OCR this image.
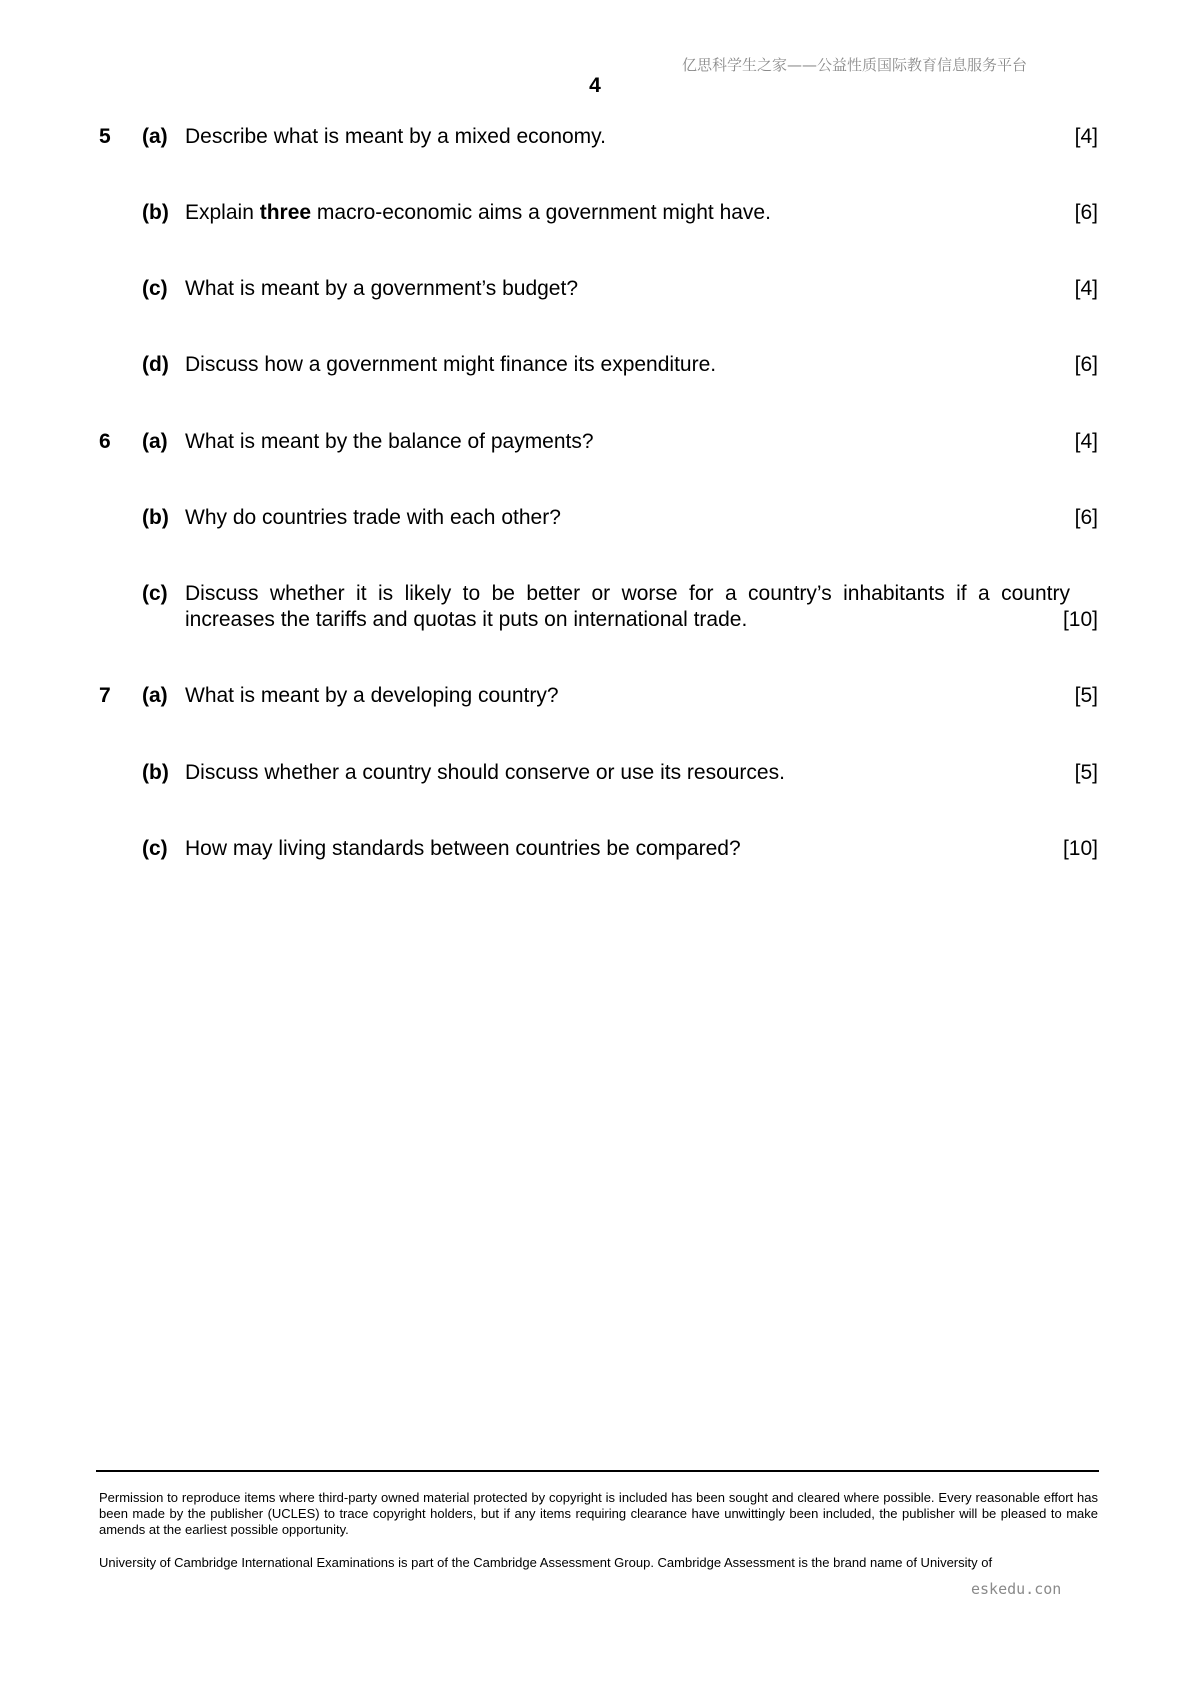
亿思科学生之家——公益性质国际教育信息服务平台
4
5 (a) Describe what is meant by a mixed economy.	[4]
(b) Explain three macro-economic aims a government might have.	[6]
(c) What is meant by a government’s budget?	[4]
(d) Discuss how a government might finance its expenditure.	[6]
6 (a) What is meant by the balance of payments?	[4]
(b) Why do countries trade with each other?	[6]
(c) Discuss whether it is likely to be better or worse for a country’s inhabitants if a country
increases the tariffs and quotas it puts on international trade.	[10]
7 (a) What is meant by a developing country?	[5]
(b) Discuss whether a country should conserve or use its resources.	[5]
(c) How may living standards between countries be compared?	[10]
Permission to reproduce items where third-party owned material protected by copyright is included has been sought and cleared where possible. Every reasonable effort has been made by the publisher (UCLES) to trace copyright holders, but if any items requiring clearance have unwittingly been included, the publisher will be pleased to make amends at the earliest possible opportunity.
University of Cambridge International Examinations is part of the Cambridge Assessment Group. Cambridge Assessment is the brand name of University of
eskedu.con
